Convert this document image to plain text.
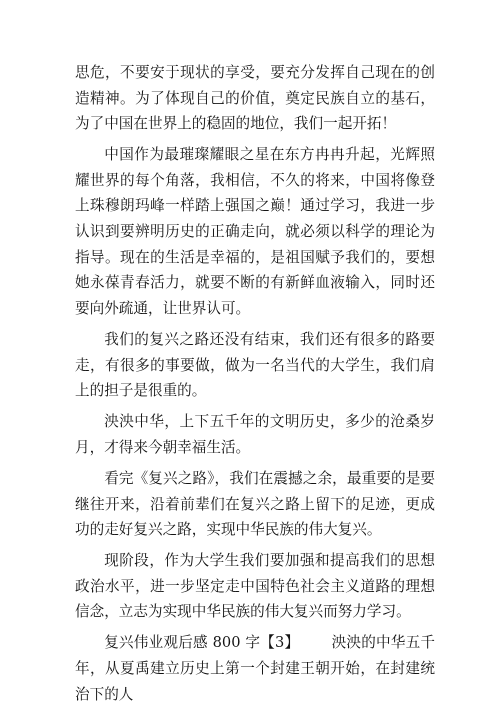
思危，不要安于现状的享受，要充分发挥自己现在的创造精神。为了体现自己的价值，奠定民族自立的基石，为了中国在世界上的稳固的地位，我们一起开拓！

中国作为最璀璨耀眼之星在东方冉冉升起，光辉照耀世界的每个角落，我相信，不久的将来，中国将像登上珠穆朗玛峰一样踏上强国之巅！通过学习，我进一步认识到要辨明历史的正确走向，就必须以科学的理论为指导。现在的生活是幸福的，是祖国赋予我们的，要想她永葆青春活力，就要不断的有新鲜血液输入，同时还要向外疏通，让世界认可。

我们的复兴之路还没有结束，我们还有很多的路要走，有很多的事要做，做为一名当代的大学生，我们肩上的担子是很重的。

泱泱中华，上下五千年的文明历史，多少的沧桑岁月，才得来今朝幸福生活。

看完《复兴之路》，我们在震撼之余，最重要的是要继往开来，沿着前辈们在复兴之路上留下的足迹，更成功的走好复兴之路，实现中华民族的伟大复兴。

现阶段，作为大学生我们要加强和提高我们的思想政治水平，进一步坚定走中国特色社会主义道路的理想信念，立志为实现中华民族的伟大复兴而努力学习。

复兴伟业观后感 800 字【3】 泱泱的中华五千年，从夏禹建立历史上第一个封建王朝开始，在封建统治下的人
